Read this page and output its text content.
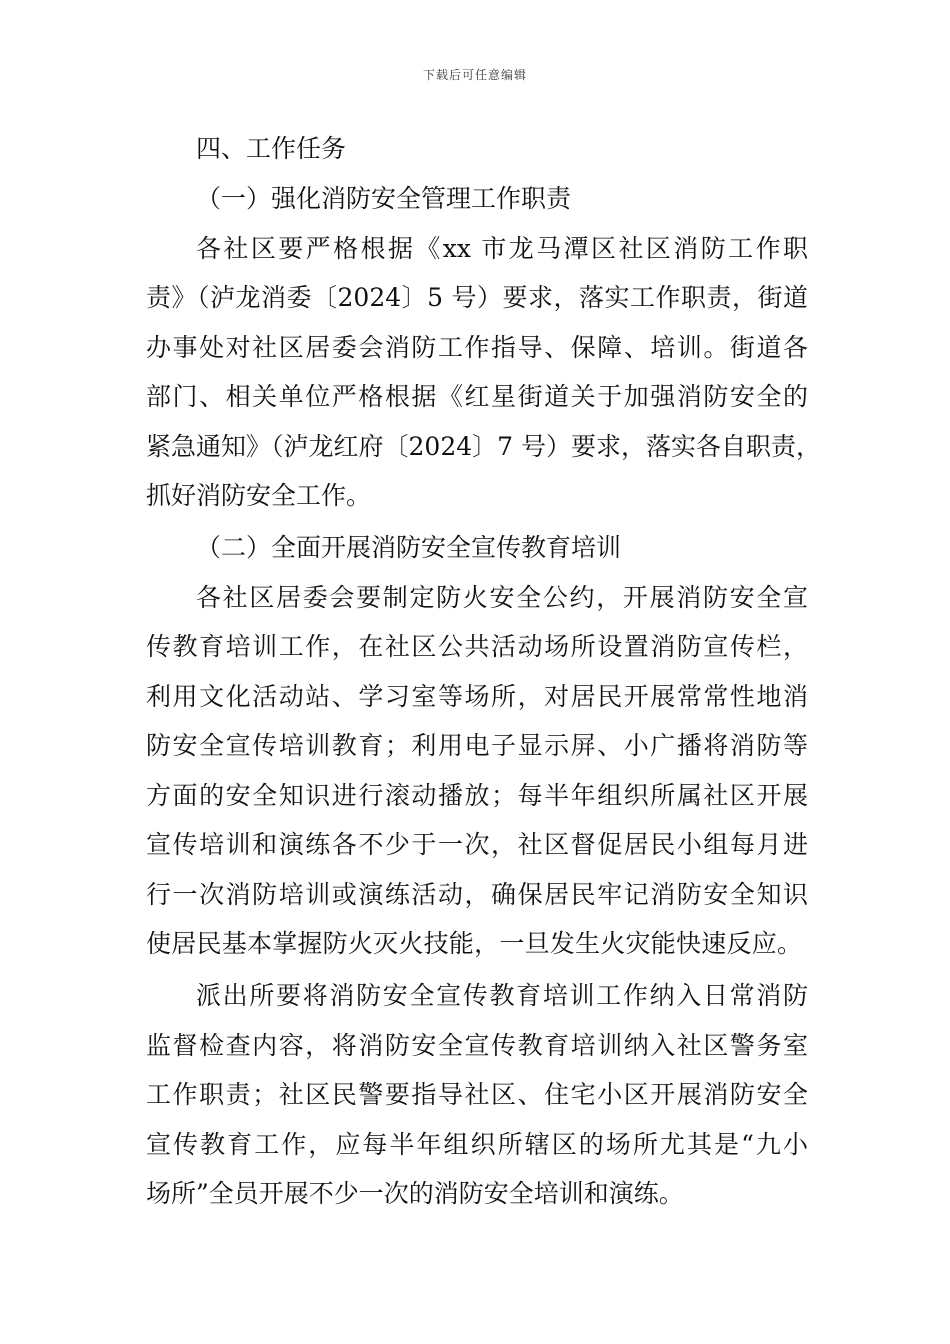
下载后可任意编辑
四、工作任务
（一）强化消防安全管理工作职责
各社区要严格根据《xx 市龙马潭区社区消防工作职
责》（泸龙消委〔2024〕5 号）要求，落实工作职责，街道
办事处对社区居委会消防工作指导、保障、培训。街道各
部门、相关单位严格根据《红星街道关于加强消防安全的
紧急通知》（泸龙红府〔2024〕7 号）要求，落实各自职责，
抓好消防安全工作。
（二）全面开展消防安全宣传教育培训
各社区居委会要制定防火安全公约，开展消防安全宣
传教育培训工作，在社区公共活动场所设置消防宣传栏，
利用文化活动站、学习室等场所，对居民开展常常性地消
防安全宣传培训教育；利用电子显示屏、小广播将消防等
方面的安全知识进行滚动播放；每半年组织所属社区开展
宣传培训和演练各不少于一次，社区督促居民小组每月进
行一次消防培训或演练活动，确保居民牢记消防安全知识
使居民基本掌握防火灭火技能，一旦发生火灾能快速反应。
派出所要将消防安全宣传教育培训工作纳入日常消防
监督检查内容，将消防安全宣传教育培训纳入社区警务室
工作职责；社区民警要指导社区、住宅小区开展消防安全
宣传教育工作，应每半年组织所辖区的场所尤其是“九小
场所”全员开展不少一次的消防安全培训和演练。
